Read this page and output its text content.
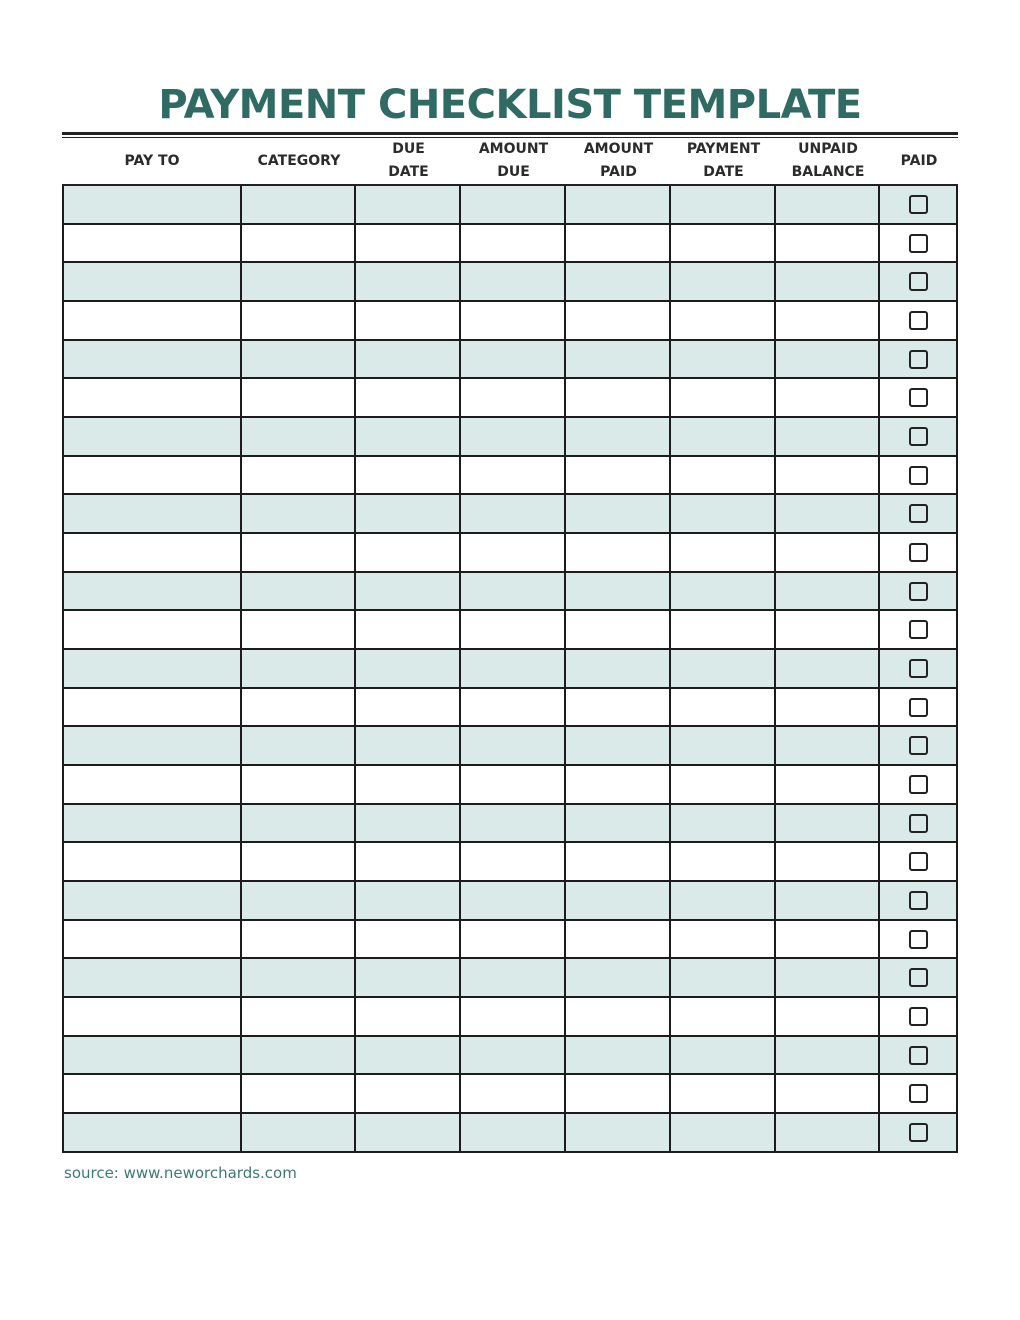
PAYMENT CHECKLIST TEMPLATE
PAY TO	CATEGORY
DUE
DATE
AMOUNT
DUE
AMOUNT
PAID
PAYMENT
DATE
UNPAID
BALANCE
PAID
source: www.neworchards.com
